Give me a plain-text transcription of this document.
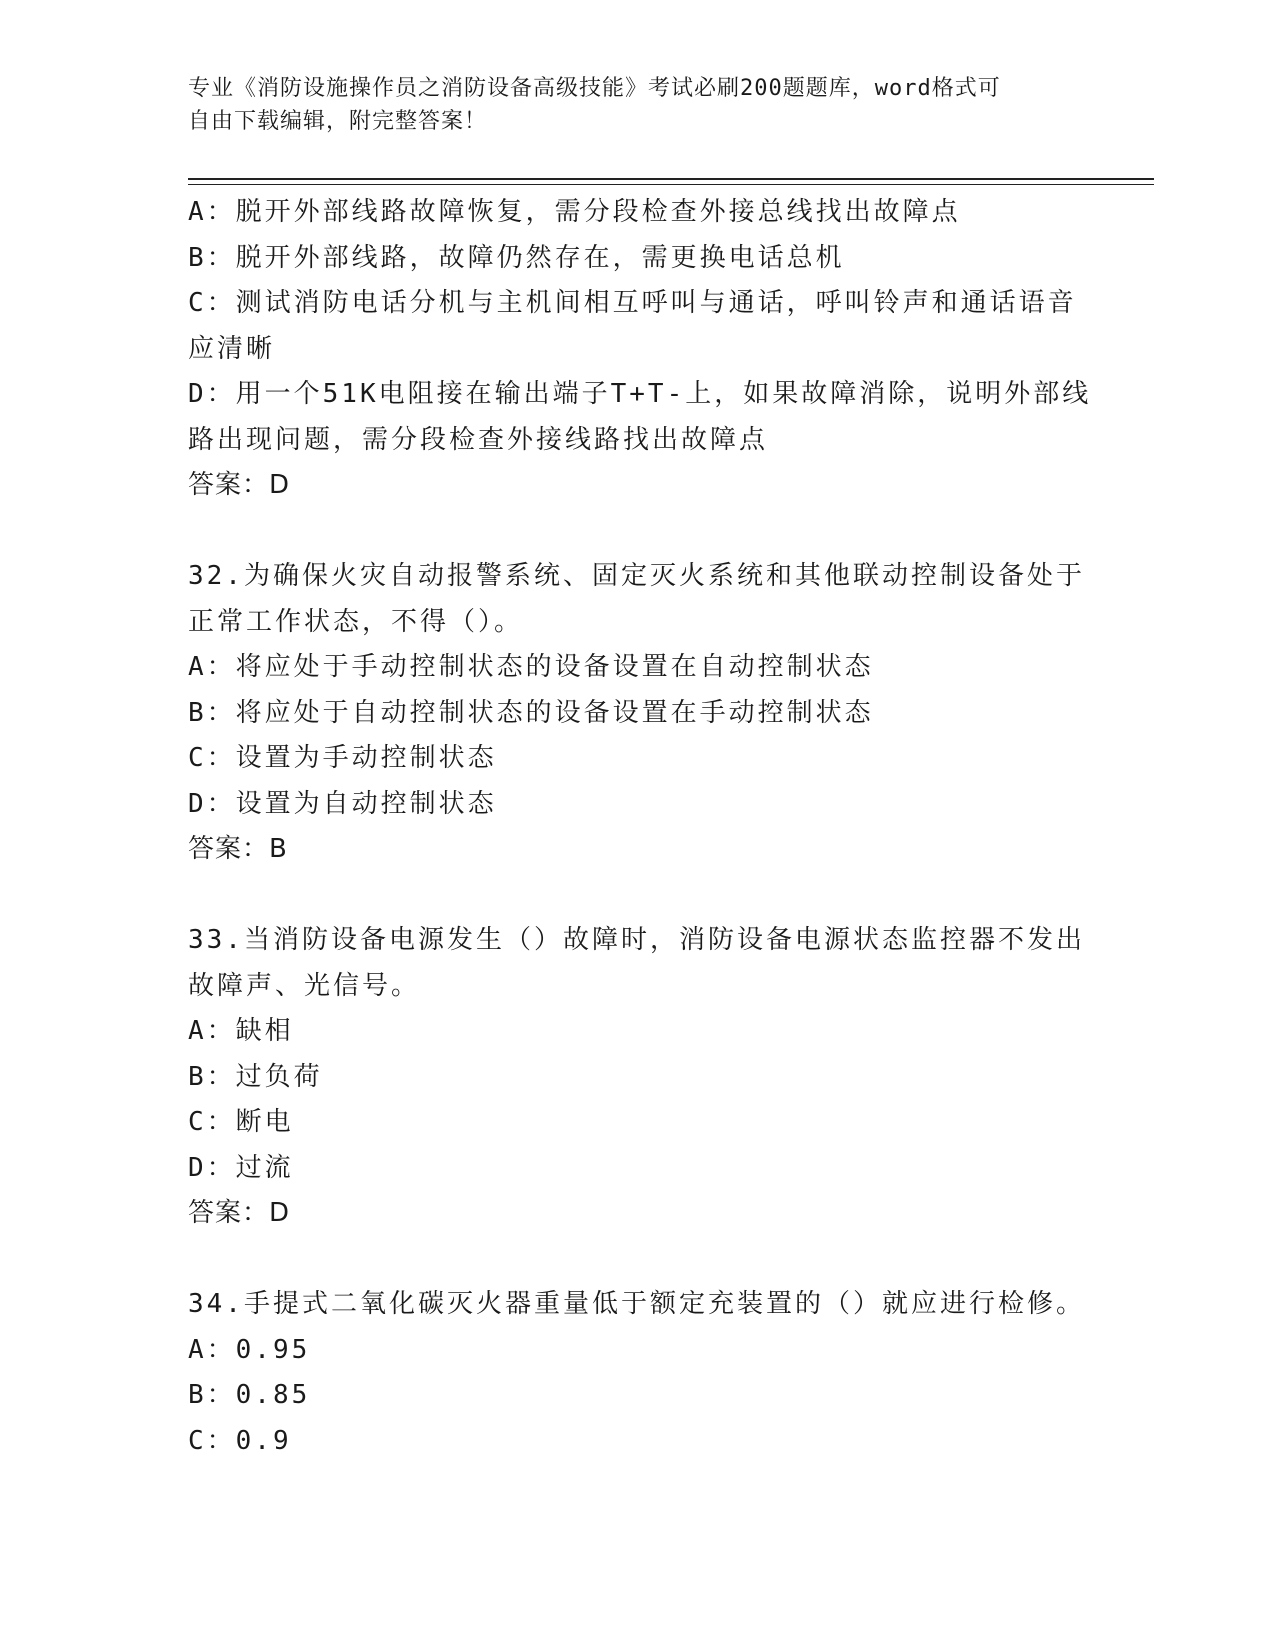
专业《消防设施操作员之消防设备高级技能》考试必刷200题题库，word格式可
自由下载编辑，附完整答案！
A：脱开外部线路故障恢复，需分段检查外接总线找出故障点
B：脱开外部线路，故障仍然存在，需更换电话总机
C：测试消防电话分机与主机间相互呼叫与通话，呼叫铃声和通话语音
应清晰
D：用一个51K电阻接在输出端子T+T-上，如果故障消除，说明外部线
路出现问题，需分段检查外接线路找出故障点
答案：D
32.为确保火灾自动报警系统、固定灭火系统和其他联动控制设备处于
正常工作状态，不得（）。
A：将应处于手动控制状态的设备设置在自动控制状态
B：将应处于自动控制状态的设备设置在手动控制状态
C：设置为手动控制状态
D：设置为自动控制状态
答案：B
33.当消防设备电源发生（）故障时，消防设备电源状态监控器不发出
故障声、光信号。
A：缺相
B：过负荷
C：断电
D：过流
答案：D
34.手提式二氧化碳灭火器重量低于额定充装置的（）就应进行检修。
A：0.95
B：0.85
C：0.9
